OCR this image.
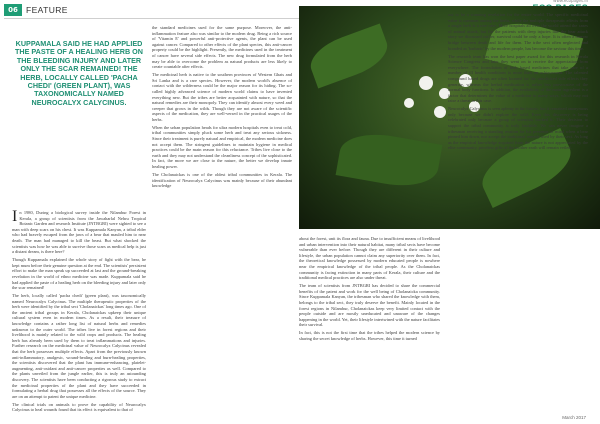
06 FEATURE
www.ecopages.in
KUPPAMALA SAID HE HAD APPLIED THE PASTE OF A HEALING HERB ON THE BLEEDING INJURY AND LATER ONLY THE SCAR REMAINED! THE HERB, LOCALLY CALLED 'PACHA CHEDI' (GREEN PLANT), WAS TAXONOMICALLY NAMED NEUROCALYX CALYCINUS.

In 1980, During a biological survey inside the Nilambur Forest in Kerala, a group of scientists from the Jawaharlal Nehru Tropical Botanic Garden and research Institute (JNTBGRI) were sighted to see a man with deep scars on his chest. It was Kuppamala Kanyan, a tribal elder who had bravely escaped from the jaws of a bear that mauled him to near death. The man had managed to kill the beast. But what shocked the scientists was how he was able to survive those scars as medical help is just a distant dream, is there here?

Though Kuppamala explained the whole story of fight with the bear, he kept mum before their genuine question at the end. The scientists' persistent effort to make the man speak up succeeded at last and the ground-breaking revelation in the world of ethno medicine was made. Kuppamala said he had applied the paste of a healing herb on the bleeding injury and later only the scar remained!

The herb, locally called 'pacha chedi' (green plant), was taxonomically named Neurocalyx Calycinus. The multiple therapeutic properties of the herb were identified by the tribal sect 'Cholanaickas' long times ago. One of the ancient tribal groups in Kerala, Cholanaickas upkeep their unique cultural system even in modern times. As a result, their treasure of knowledge contains a rather long list of natural herbs and remedies unknown to the outer world. The tribes live in forest regions and their livelihood is mainly related to the wild crops and products. The healing herb has already been used by them to treat inflammations and injuries. Further research on the medicinal value of Neurocalyx Calycinus revealed that the herb possesses multiple effects. Apart from the previously known anti-inflammatory, analgesic, wound-healing and burn-healing properties, the scientists discovered that the plant has immune-enhancing, platelet-augmenting, anti-oxidant and anti-cancer properties as well. Compared to the plants unveiled from the jungle earlier, this is truly an astounding discovery. The scientists have been conducting a rigorous study to extract the medicinal properties of the plant and they have succeeded in formulating a herbal drug that possesses all the effects of the source. They are on an attempt to patent the unique medicine.

The clinical trials on animals to prove the capability of Neurocalyx Calycinus to heal wounds found that its effect is equivalent to that of

the standard medicines used for the same purpose. Moreover, the anti-inflammation feature also was similar to the modern drug. Being a rich source of 'Vitamin E' and powerful anti-protective agents, the plant can be used against cancer. Compared to other effects of the plant species, this anti-cancer property could be the highlight. Presently, the medicines used in the treatment of cancer have several side effects. The new drug formulated from the herb may be able to overcome the problem as natural products are less likely to create countable after effects.

The medicinal herb is native to the southern provinces of Western Ghats and Sri Lanka and is a rare species. However, the modern world's absence of contact with the wilderness could be the major reason for its hiding. The so-called highly advanced science of modern world claims to have invented everything new. But the tribes are better acquainted with nature, so that the natural remedies are their monopoly. They can identify almost every weed and creeper that grows in the wilds. Though they are not aware of the scientific aspects of the medication, they are well-versed in the practical usages of the herbs.

When the urban population heads for ultra modern hospitals even to treat cold, tribal communities simply pluck some herb and treat any serious sickness. Since their treatment is purely natural and empirical, the modern medicine does not accept them. The stringent guidelines to maintain hygiene in medical practices could be the main reason for this reluctance. Tribes live close to the earth and they may not understand the cleanliness concept of the sophisticated. In fact, the more we are close to the nature, the better we develop innate healing power.

The Cholanaickas is one of the oldest tribal communities in Kerala. The identification of Neurocalyx Calycinus was mainly because of their abundant knowledge

about the forest, unit its flora and fauna. Due to insufficient means of livelihood and urban intervention into their natural habitat, many tribal sects have become vulnerable than ever before. Though they are different in their culture and lifestyle, the urban population cannot claim any superiority over them. In fact, the theoretical knowledge possessed by modern educated people is nowhere near the empirical knowledge of the tribal people. As the Cholanaickas community is facing extinction in many parts of Kerala, their culture and the traditional medical practices are also under threat.

The team of scientists from JNTBGRI has decided to share the commercial benefits of the patent and work for the well being of Cholanaicka community. Since Kuppamala Kanyan, the tribesman who shared the knowledge with them, belongs to the tribal sect, they truly deserve the benefit. Mainly located in the forest regions in Nilambur, Cholanaickas keep very limited contact with the people outside and are mostly uneducated and unaware of the changes happening in the world. Yet, their lifestyle intertwined with the nature facilitates their survival.

In fact, this is not the first time that the tribes helped the modern science by sharing the secret knowledge of herbs. However, this time it turned

out to be a stunning revelation for the entire world. The specific medicinal value is common among the herbs, while the multiple therapeutic effects from a single herb is a rare case. More hospitals all over the world attend the cases of animal attack, but for the patients with deep injuries like the bear attack story we discussed earlier, survival could be only a hope. It is often a narrow bridge between death and life for them. The tribe sect often neglected and branded as 'barbaric' by the modern people, has become the saviour this time.

The research team has won the best paper award for this research in Kerala Science Congress and later they went on to receive the appreciation from everywhere. The formulation of herb based medicines that take care of a number of ill health conditions is more than an achievement. The talented compound based drugs are often loomed for the unsolicited side effects they generate, whereas the herbal medication is rather less provocative of the normal body functions. In addition, the availability of the main ingredient is a factor that determines the value of a medicine in many ways, which may not raise a threat in this case.

Neurocalyx Calycinus is seen aplenty in the forests, but it remained anonymous only because we didn't explore the wild. Even this discovery is being celebrated only because a group of scientists backed it. Their decision to support the tribal community is truly laudable. We can never imagine a tribesman receiving a standing ovation for his presence of mind when a bear pinned him down, nor accept the traditional remedy used by their sect. As long as the empirical knowledge acquired from the nature is not appreciated by the elite community, priceless gifts of the mother earth will remain veiled.

March 2017
